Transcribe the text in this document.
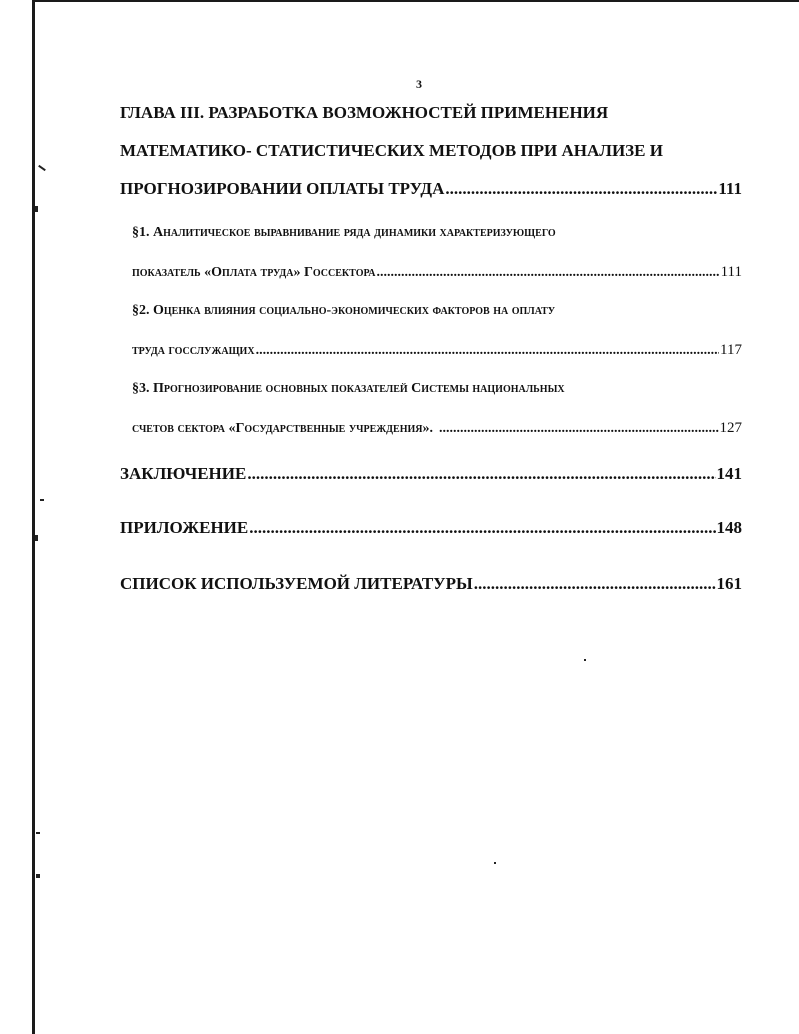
3
ГЛАВА III. РАЗРАБОТКА ВОЗМОЖНОСТЕЙ ПРИМЕНЕНИЯ
МАТЕМАТИКО- СТАТИСТИЧЕСКИХ МЕТОДОВ ПРИ АНАЛИЗЕ И
ПРОГНОЗИРОВАНИИ ОПЛАТЫ ТРУДА .....	111
§1. Аналитическое выравнивание ряда динамики характеризующего
показатель «Оплата труда» Госсектора .....	111
§2. Оценка влияния социально-экономических факторов на оплату
труда госслужащих .....	117
§3. Прогнозирование основных показателей Системы национальных
счетов сектора «Государственные учреждения». .....	127
ЗАКЛЮЧЕНИЕ .....	141
ПРИЛОЖЕНИЕ .....	148
СПИСОК ИСПОЛЬЗУЕМОЙ ЛИТЕРАТУРЫ .....	161
